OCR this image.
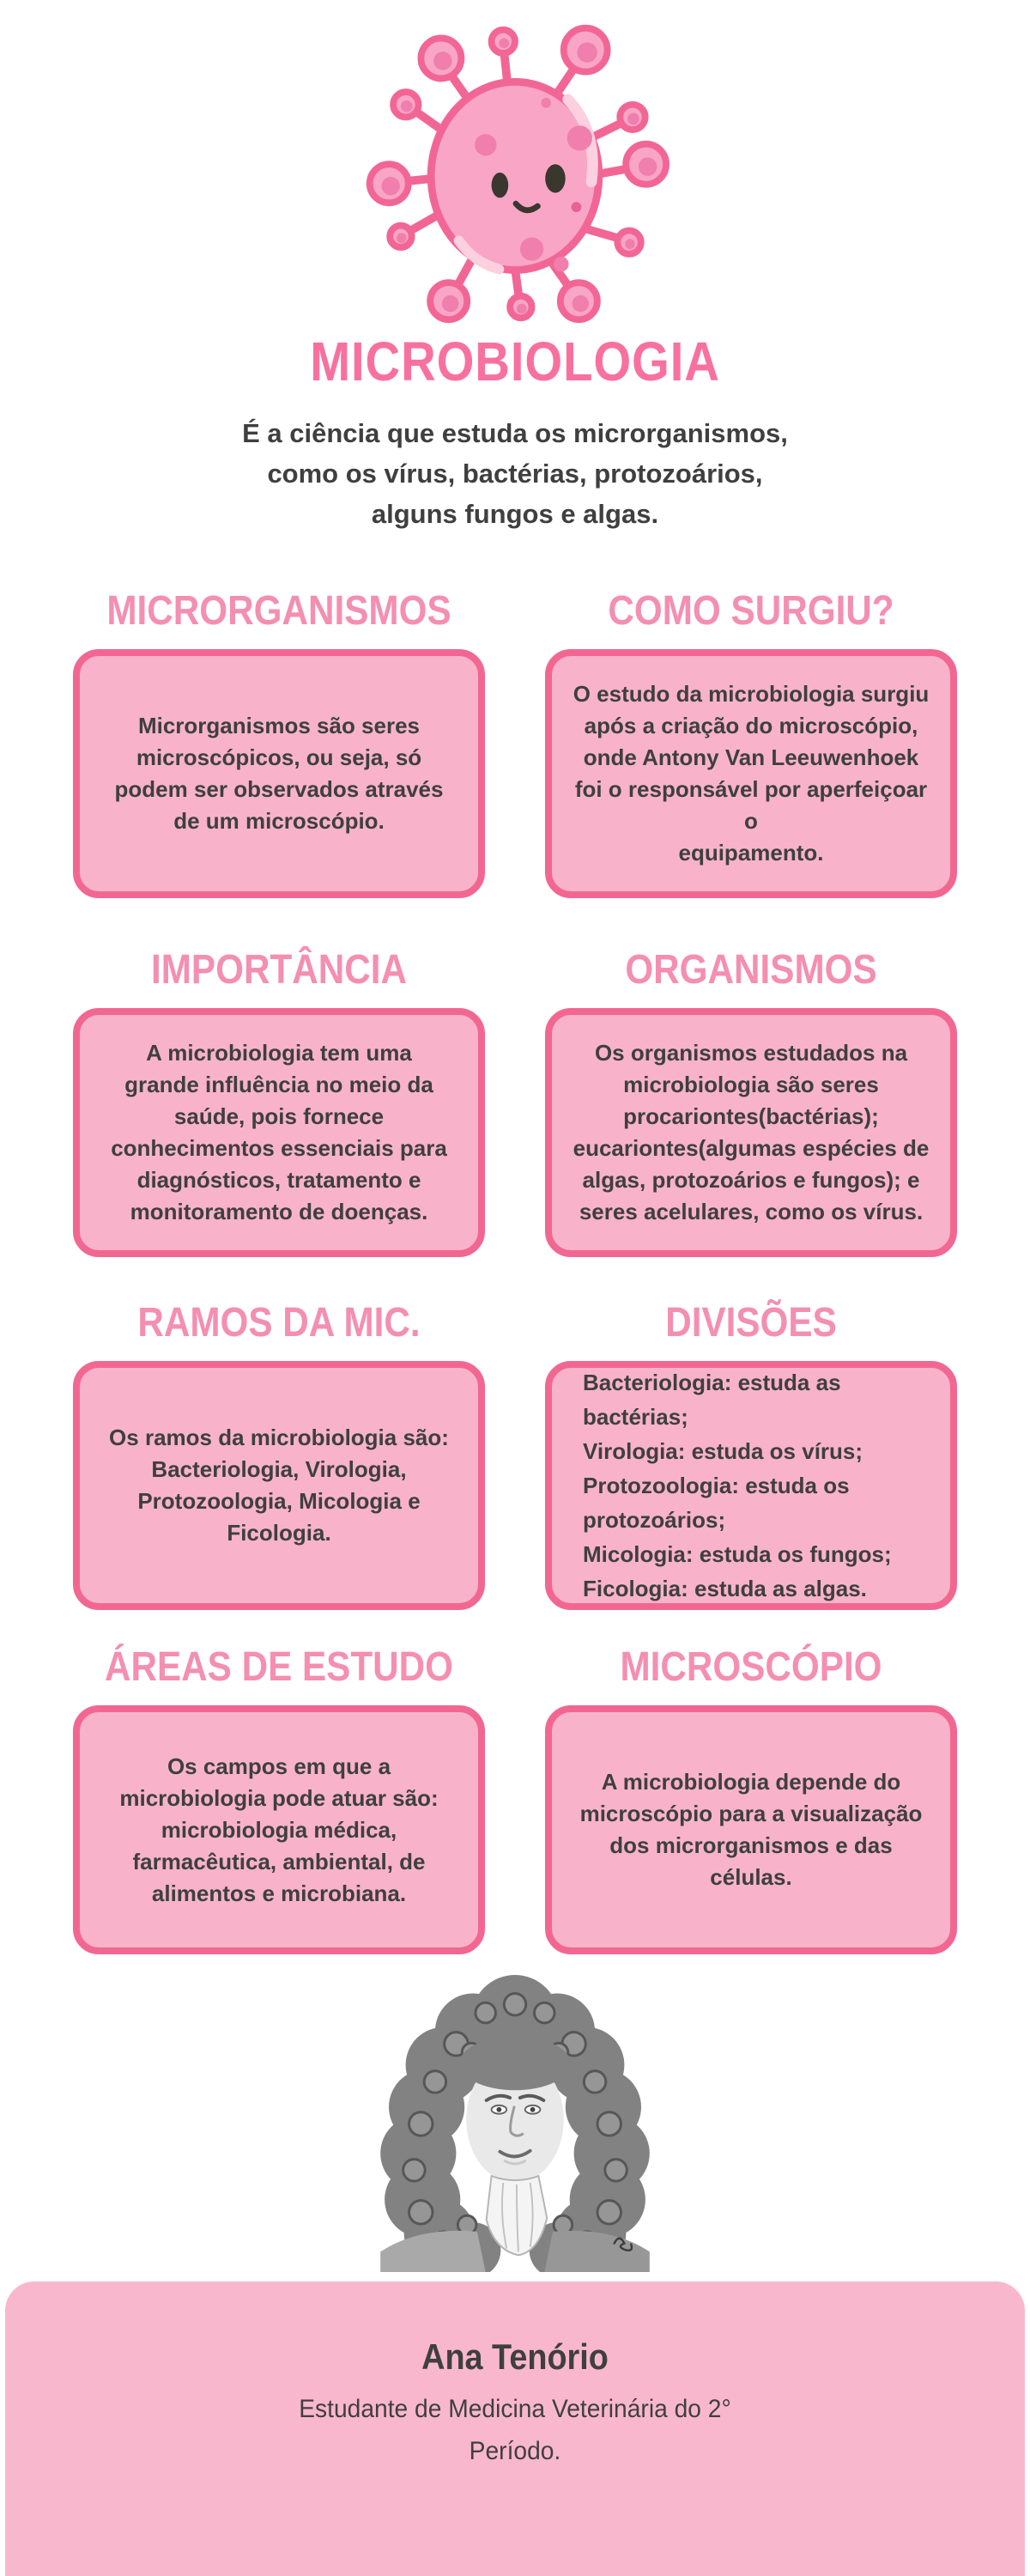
MICROBIOLOGIA
É a ciência que estuda os microrganismos,
como os vírus, bactérias, protozoários,
alguns fungos e algas.
MICRORGANISMOS
Microrganismos são seres
microscópicos, ou seja, só
podem ser observados através
de um microscópio.
COMO SURGIU?
O estudo da microbiologia surgiu
após a criação do microscópio,
onde Antony Van Leeuwenhoek
foi o responsável por aperfeiçoar o
equipamento.
IMPORTÂNCIA
A microbiologia tem uma
grande influência no meio da
saúde, pois fornece
conhecimentos essenciais para
diagnósticos, tratamento e
monitoramento de doenças.
ORGANISMOS
Os organismos estudados na
microbiologia são seres
procariontes(bactérias);
eucariontes(algumas espécies de
algas, protozoários e fungos); e
seres acelulares, como os vírus.
RAMOS DA MIC.
Os ramos da microbiologia são:
Bacteriologia, Virologia,
Protozoologia, Micologia e Ficologia.
DIVISÕES
Bacteriologia: estuda as bactérias;
Virologia: estuda os vírus;
Protozoologia: estuda os protozoários;
Micologia: estuda os fungos;
Ficologia: estuda as algas.
ÁREAS DE ESTUDO
Os campos em que a
microbiologia pode atuar são:
microbiologia médica,
farmacêutica, ambiental, de
alimentos e microbiana.
MICROSCÓPIO
A microbiologia depende do
microscópio para a visualização
dos microrganismos e das células.
Ana Tenório
Estudante de Medicina Veterinária do 2°
Período.
